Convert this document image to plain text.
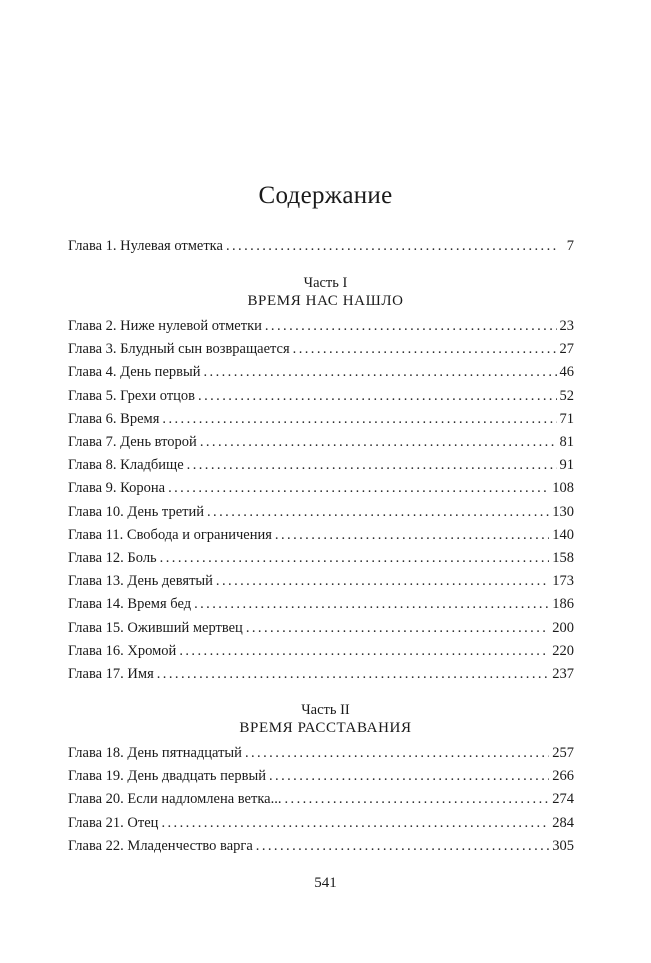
Содержание
Глава 1. Нулевая отметка . . .	7
Часть I
ВРЕМЯ НАС НАШЛО
Глава 2. Ниже нулевой отметки . . .	23
Глава 3. Блудный сын возвращается . . .	27
Глава 4. День первый . . .	46
Глава 5. Грехи отцов . . .	52
Глава 6. Время . . .	71
Глава 7. День второй . . .	81
Глава 8. Кладбище . . .	91
Глава 9. Корона . . .	108
Глава 10. День третий . . .	130
Глава 11. Свобода и ограничения . . .	140
Глава 12. Боль . . .	158
Глава 13. День девятый . . .	173
Глава 14. Время бед . . .	186
Глава 15. Оживший мертвец . . .	200
Глава 16. Хромой . . .	220
Глава 17. Имя . . .	237
Часть II
ВРЕМЯ РАССТАВАНИЯ
Глава 18. День пятнадцатый . . .	257
Глава 19. День двадцать первый . . .	266
Глава 20. Если надломлена ветка... . . .	274
Глава 21. Отец . . .	284
Глава 22. Младенчество варга . . .	305
541
